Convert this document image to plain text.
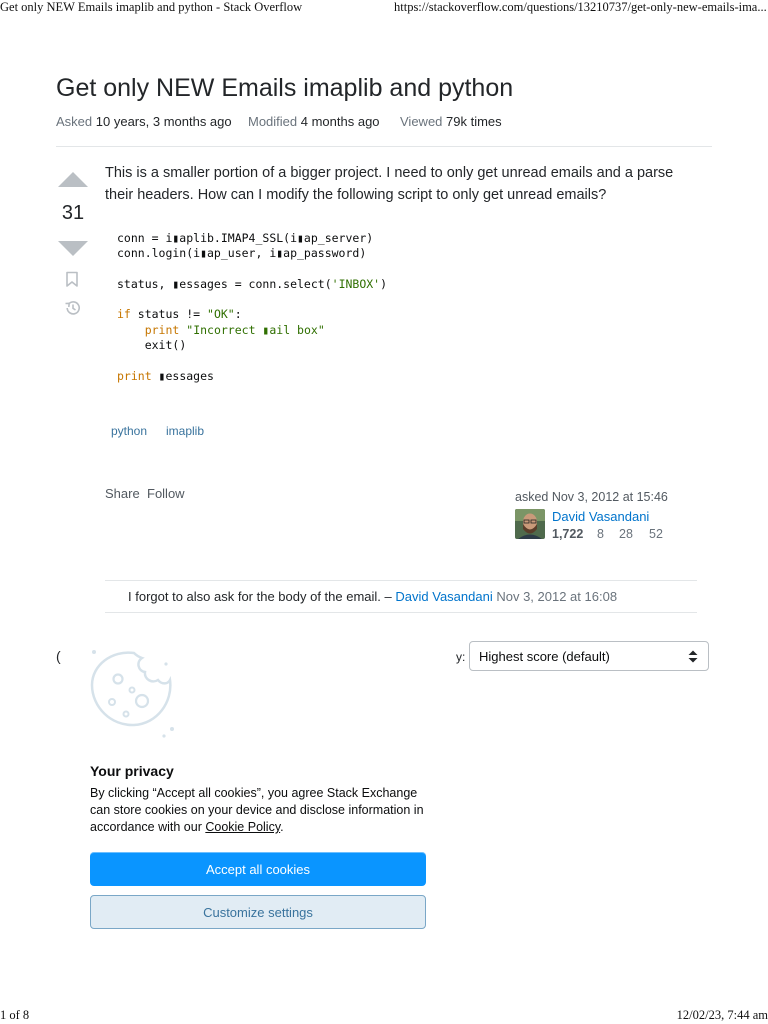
Get only NEW Emails imaplib and python - Stack Overflow	https://stackoverflow.com/questions/13210737/get-only-new-emails-ima...
Get only NEW Emails imaplib and python
Asked 10 years, 3 months ago Modified 4 months ago Viewed 79k times
31
This is a smaller portion of a bigger project. I need to only get unread emails and a parse their headers. How can I modify the following script to only get unread emails?
conn = i▮aplib.IMAP4_SSL(i▮ap_server)
conn.login(i▮ap_user, i▮ap_password)

status, ▮essages = conn.select('INBOX')

if status != "OK":
print "Incorrect ▮ail box"
exit()

print ▮essages
python imaplib
Share Follow	asked Nov 3, 2012 at 15:46
David Vasandani
1,722 8 28 52
I forgot to also ask for the body of the email. – David Vasandani Nov 3, 2012 at 16:08
(	y: Highest score (default)
Your privacy
By clicking “Accept all cookies”, you agree Stack Exchange can store cookies on your device and disclose information in accordance with our Cookie Policy.
Accept all cookies
Customize settings
1 of 8	12/02/23, 7:44 am
